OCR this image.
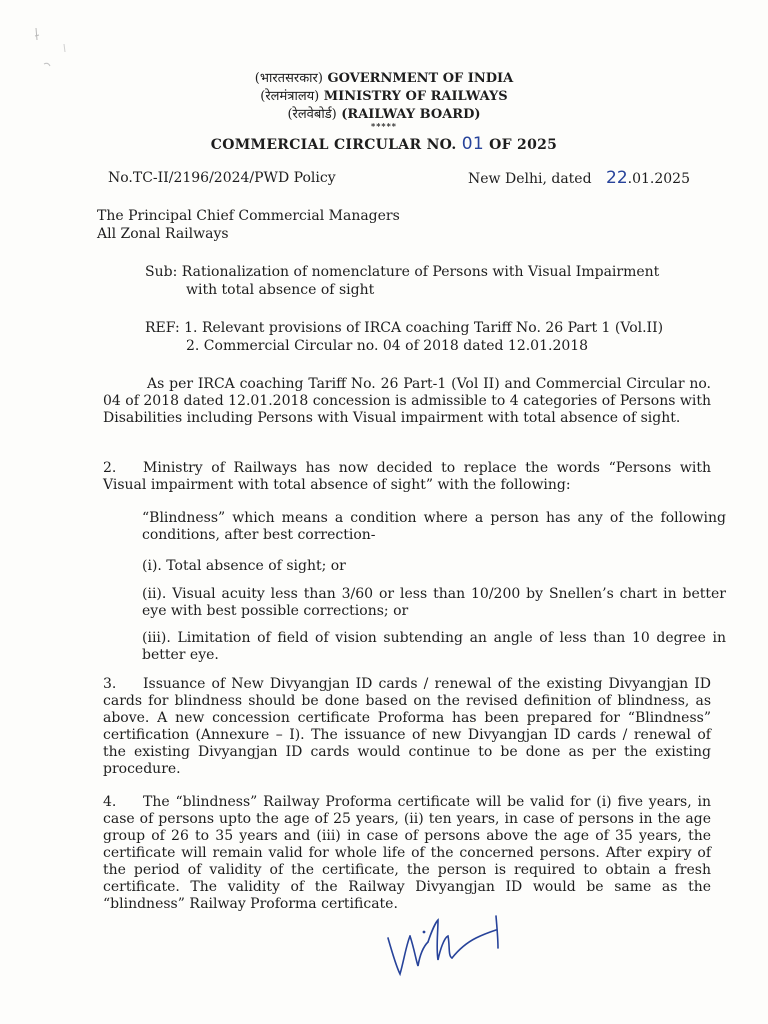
(भारतसरकार) GOVERNMENT OF INDIA
(रेलमंत्रालय) MINISTRY OF RAILWAYS
(रेलवेबोर्ड) (RAILWAY BOARD)
*****
COMMERCIAL CIRCULAR NO. 01 OF 2025
No.TC-II/2196/2024/PWD Policy	New Delhi, dated 22.01.2025
The Principal Chief Commercial Managers
All Zonal Railways
Sub: Rationalization of nomenclature of Persons with Visual Impairment
with total absence of sight
REF: 1. Relevant provisions of IRCA coaching Tariff No. 26 Part 1 (Vol.II)
2. Commercial Circular no. 04 of 2018 dated 12.01.2018

As per IRCA coaching Tariff No. 26 Part-1 (Vol II) and Commercial Circular no. 04 of 2018 dated 12.01.2018 concession is admissible to 4 categories of Persons with Disabilities including Persons with Visual impairment with total absence of sight.

2. Ministry of Railways has now decided to replace the words “Persons with Visual impairment with total absence of sight” with the following:

“Blindness” which means a condition where a person has any of the following conditions, after best correction-

(i). Total absence of sight; or

(ii). Visual acuity less than 3/60 or less than 10/200 by Snellen’s chart in better eye with best possible corrections; or

(iii). Limitation of field of vision subtending an angle of less than 10 degree in better eye.

3. Issuance of New Divyangjan ID cards / renewal of the existing Divyangjan ID cards for blindness should be done based on the revised definition of blindness, as above. A new concession certificate Proforma has been prepared for “Blindness” certification (Annexure – I). The issuance of new Divyangjan ID cards / renewal of the existing Divyangjan ID cards would continue to be done as per the existing procedure.

4. The “blindness” Railway Proforma certificate will be valid for (i) five years, in case of persons upto the age of 25 years, (ii) ten years, in case of persons in the age group of 26 to 35 years and (iii) in case of persons above the age of 35 years, the certificate will remain valid for whole life of the concerned persons. After expiry of the period of validity of the certificate, the person is required to obtain a fresh certificate. The validity of the Railway Divyangjan ID would be same as the “blindness” Railway Proforma certificate.
